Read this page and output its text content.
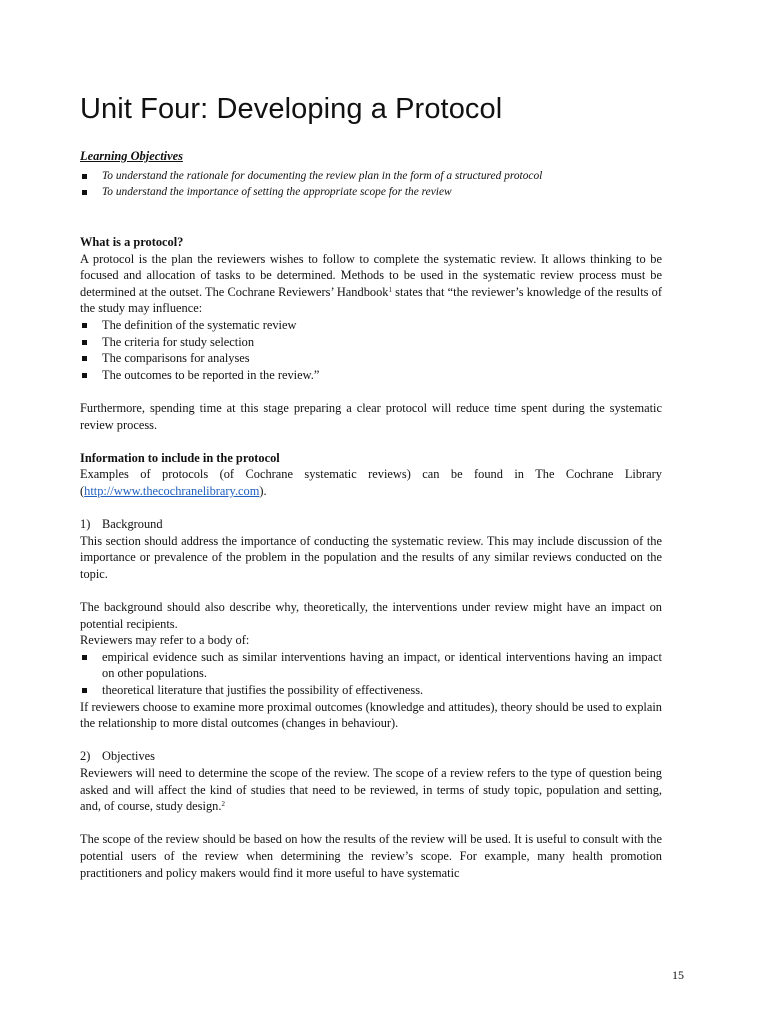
Unit Four: Developing a Protocol

Learning Objectives

To understand the rationale for documenting the review plan in the form of a structured protocol
To understand the importance of setting the appropriate scope for the review

What is a protocol?

A protocol is the plan the reviewers wishes to follow to complete the systematic review. It allows thinking to be focused and allocation of tasks to be determined. Methods to be used in the systematic review process must be determined at the outset. The Cochrane Reviewers’ Handbook$^1$ states that “the reviewer’s knowledge of the results of the study may influence:

The definition of the systematic review
The criteria for study selection
The comparisons for analyses
The outcomes to be reported in the review.”

Furthermore, spending time at this stage preparing a clear protocol will reduce time spent during the systematic review process.

Information to include in the protocol

Examples of protocols (of Cochrane systematic reviews) can be found in The Cochrane Library (http://www.thecochranelibrary.com).

1) Background

This section should address the importance of conducting the systematic review. This may include discussion of the importance or prevalence of the problem in the population and the results of any similar reviews conducted on the topic.

The background should also describe why, theoretically, the interventions under review might have an impact on potential recipients.

Reviewers may refer to a body of:

empirical evidence such as similar interventions having an impact, or identical interventions having an impact on other populations.
theoretical literature that justifies the possibility of effectiveness.

If reviewers choose to examine more proximal outcomes (knowledge and attitudes), theory should be used to explain the relationship to more distal outcomes (changes in behaviour).

2) Objectives

Reviewers will need to determine the scope of the review. The scope of a review refers to the type of question being asked and will affect the kind of studies that need to be reviewed, in terms of study topic, population and setting, and, of course, study design.$^2$

The scope of the review should be based on how the results of the review will be used. It is useful to consult with the potential users of the review when determining the review’s scope. For example, many health promotion practitioners and policy makers would find it more useful to have systematic

15
